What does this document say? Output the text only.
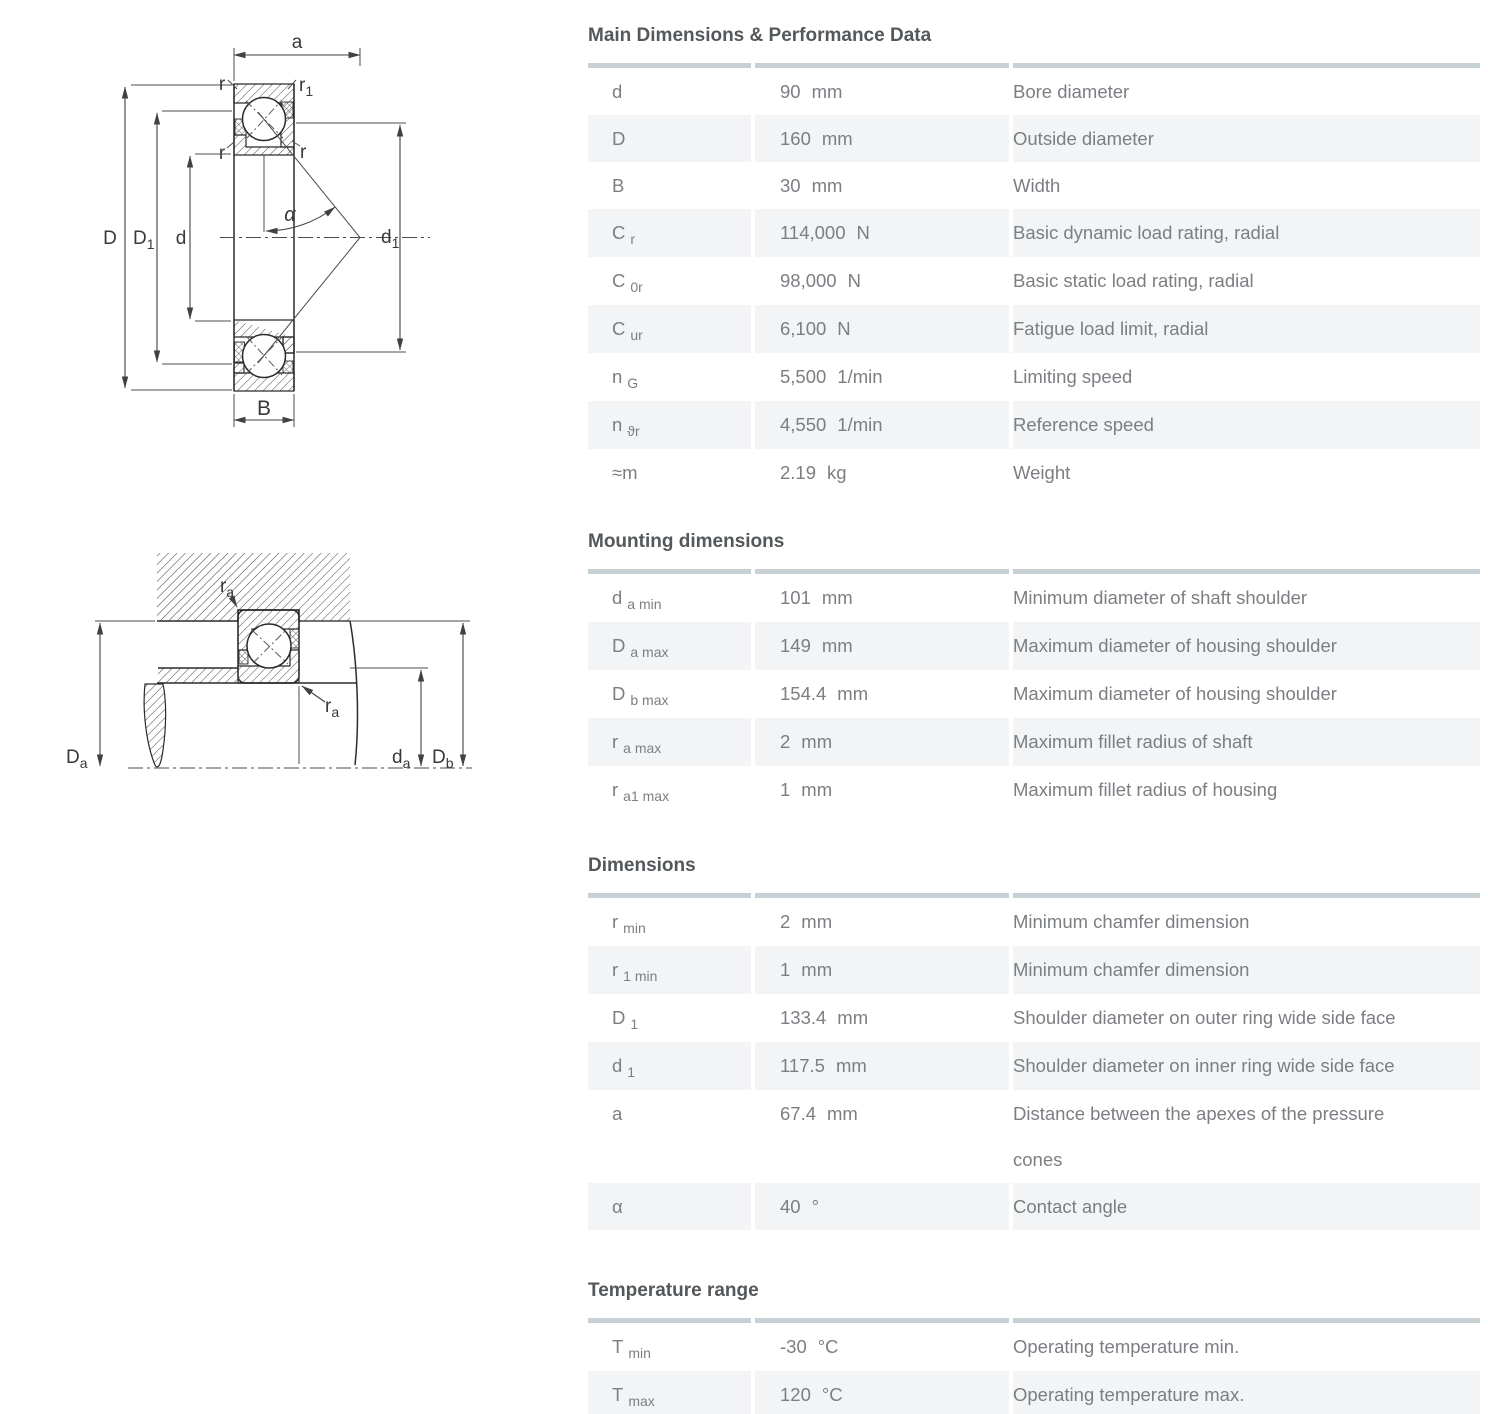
a
r	$r_1$
r	r
α
D $D_1$ d	$d_1$
B
$r_a$
$r_a$
$D_a$	$d_a$ $D_b$
Main Dimensions & Performance Data
d	90 mm	Bore diameter
D	160 mm	Outside diameter
B	30 mm	Width
C $_r$	114,000 N	Basic dynamic load rating, radial
C $_{0r}$	98,000 N	Basic static load rating, radial
C $_{ur}$	6,100 N	Fatigue load limit, radial
n $_G$	5,500 1/min	Limiting speed
n $_{ϑr}$	4,550 1/min	Reference speed
≈m	2.19 kg	Weight
Mounting dimensions
d $_{a min}$	101 mm	Minimum diameter of shaft shoulder
D $_{a max}$	149 mm	Maximum diameter of housing shoulder
D $_{b max}$	154.4 mm	Maximum diameter of housing shoulder
r $_{a max}$	2 mm	Maximum fillet radius of shaft
r $_{a1 max}$	1 mm	Maximum fillet radius of housing
Dimensions
r $_{min}$	2 mm	Minimum chamfer dimension
r $_{1 min}$	1 mm	Minimum chamfer dimension
D $_1$	133.4 mm	Shoulder diameter on outer ring wide side face
d $_1$	117.5 mm	Shoulder diameter on inner ring wide side face
a	67.4 mm	Distance between the apexes of the pressure
cones
α	40 °	Contact angle
Temperature range
T $_{min}$	-30 °C	Operating temperature min.
T $_{max}$	120 °C	Operating temperature max.
